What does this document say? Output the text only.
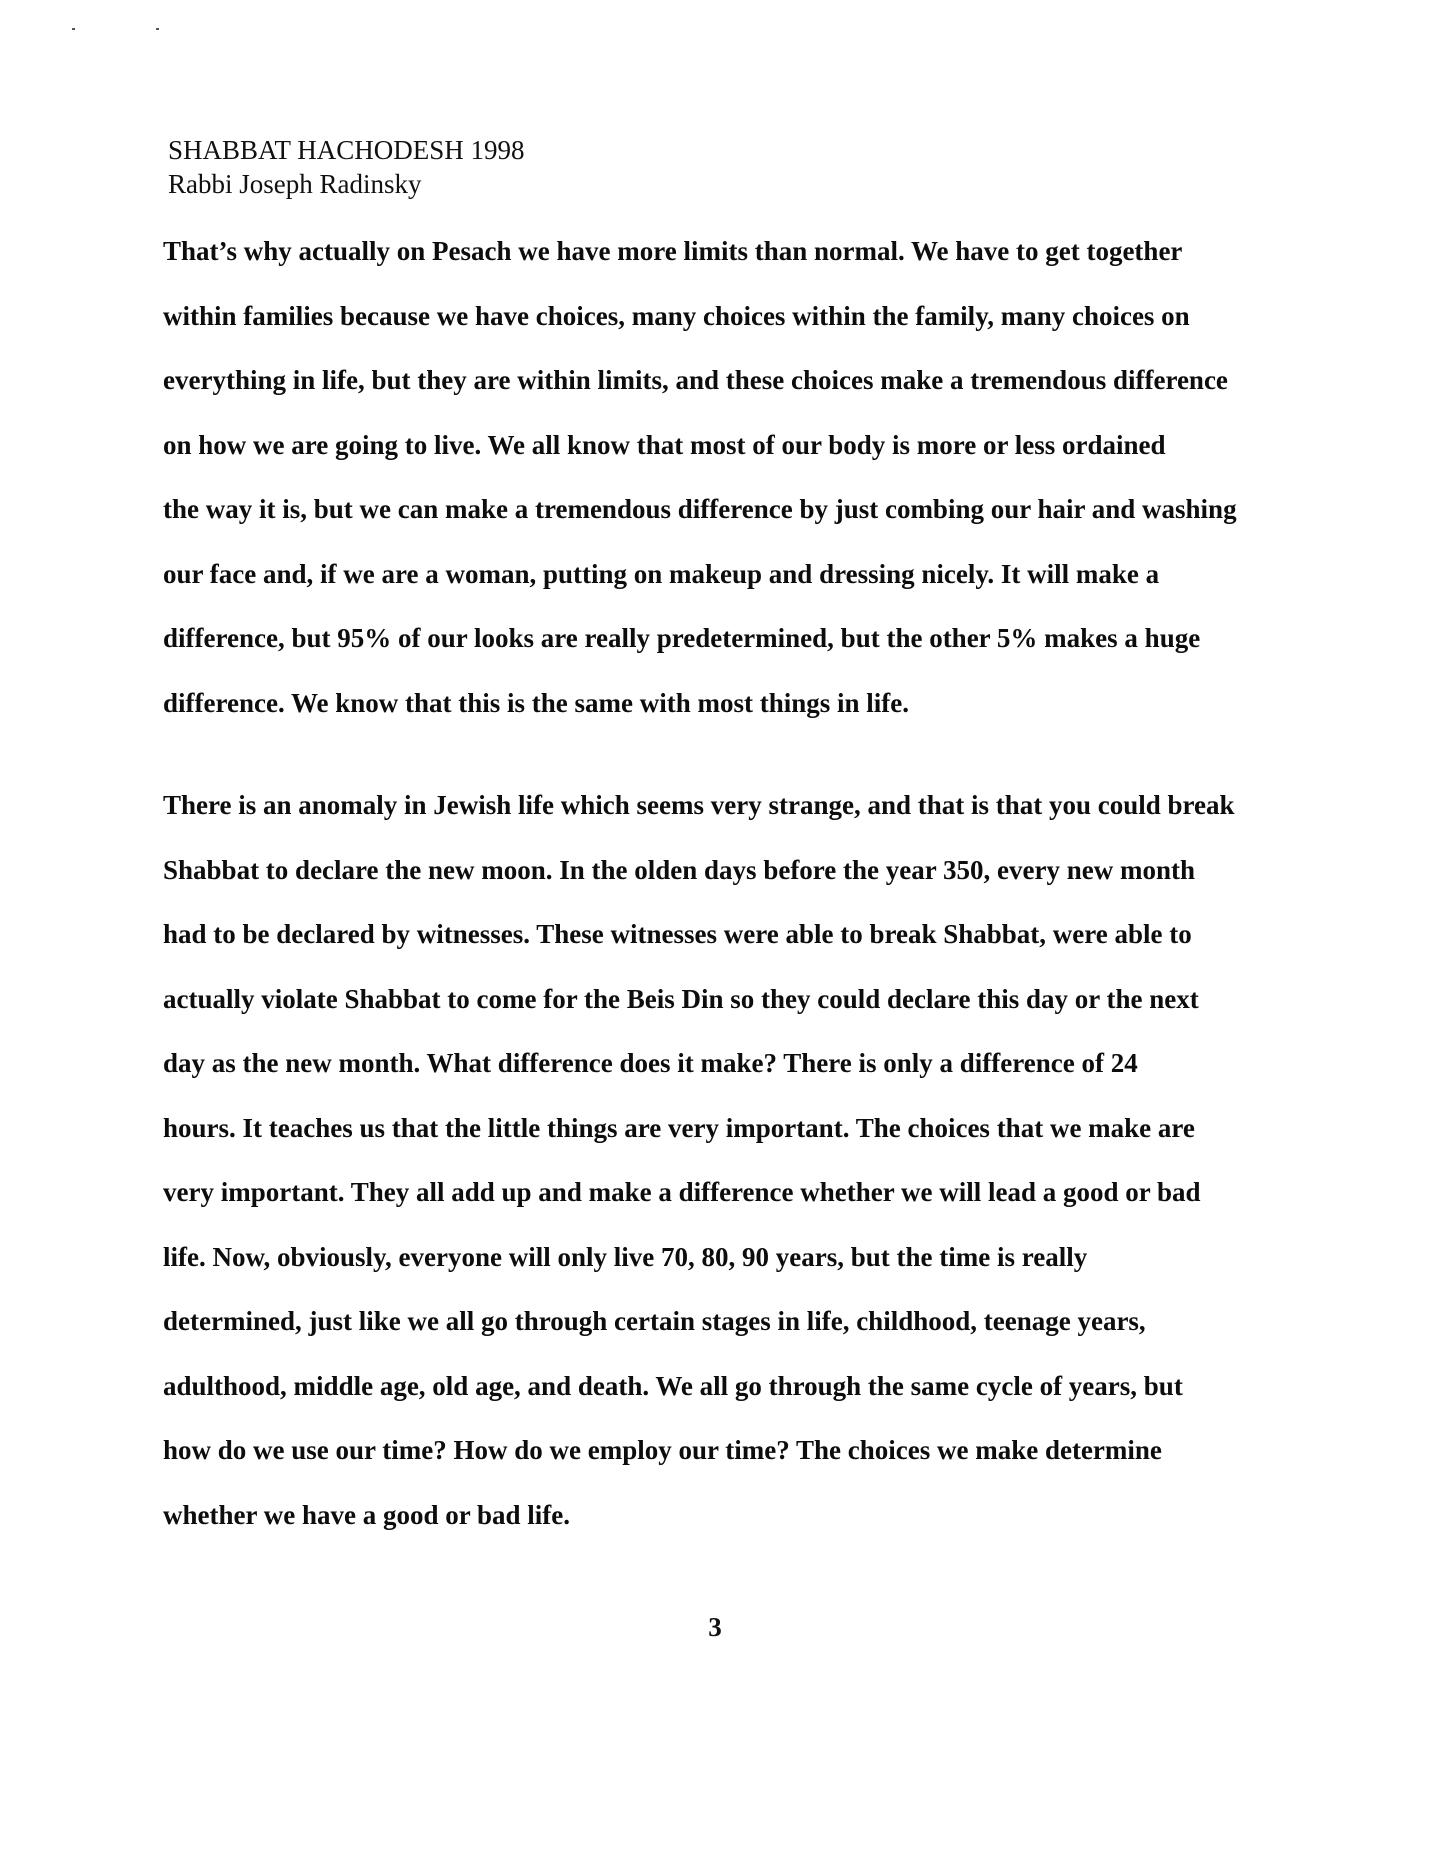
SHABBAT HACHODESH 1998
Rabbi Joseph Radinsky
That’s why actually on Pesach we have more limits than normal. We have to get together
within families because we have choices, many choices within the family, many choices on
everything in life, but they are within limits, and these choices make a tremendous difference
on how we are going to live. We all know that most of our body is more or less ordained
the way it is, but we can make a tremendous difference by just combing our hair and washing
our face and, if we are a woman, putting on makeup and dressing nicely. It will make a
difference, but 95% of our looks are really predetermined, but the other 5% makes a huge
difference. We know that this is the same with most things in life.
There is an anomaly in Jewish life which seems very strange, and that is that you could break
Shabbat to declare the new moon. In the olden days before the year 350, every new month
had to be declared by witnesses. These witnesses were able to break Shabbat, were able to
actually violate Shabbat to come for the Beis Din so they could declare this day or the next
day as the new month. What difference does it make? There is only a difference of 24
hours. It teaches us that the little things are very important. The choices that we make are
very important. They all add up and make a difference whether we will lead a good or bad
life. Now, obviously, everyone will only live 70, 80, 90 years, but the time is really
determined, just like we all go through certain stages in life, childhood, teenage years,
adulthood, middle age, old age, and death. We all go through the same cycle of years, but
how do we use our time? How do we employ our time? The choices we make determine
whether we have a good or bad life.
3
